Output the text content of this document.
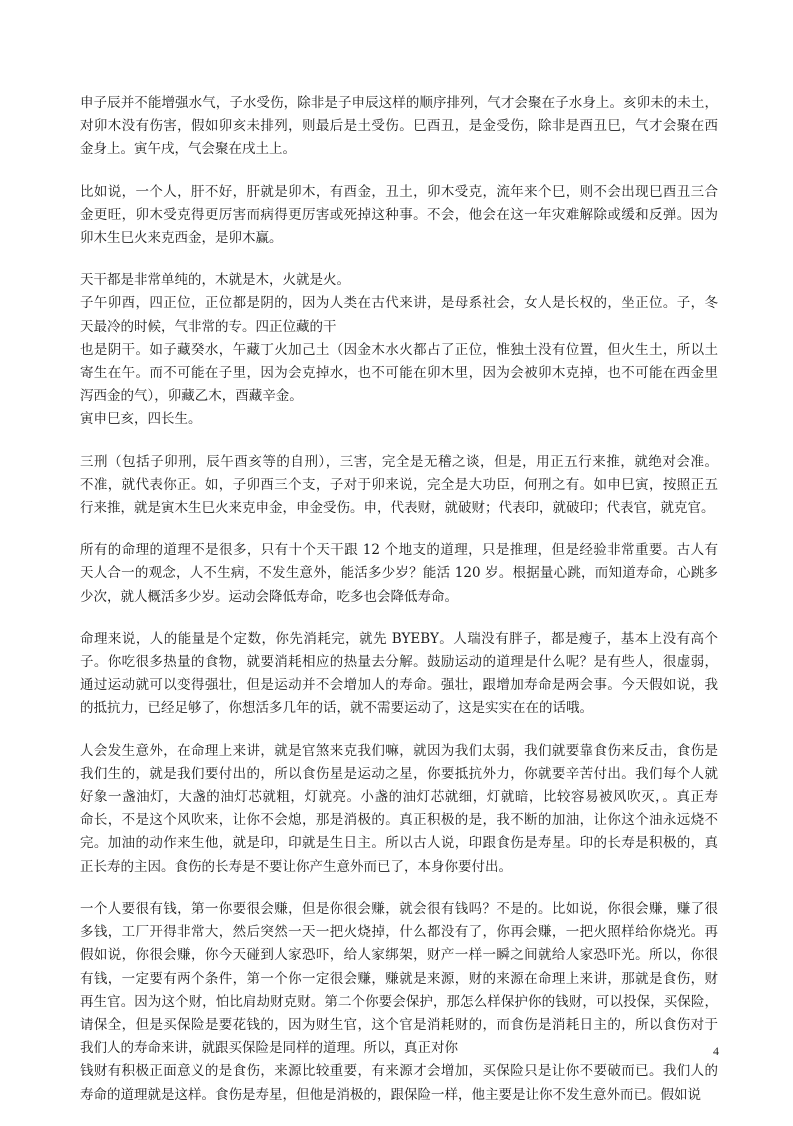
申子辰并不能增强水气，子水受伤，除非是子申辰这样的顺序排列，气才会聚在子水身上。亥卯未的未土，
对卯木没有伤害，假如卯亥未排列，则最后是土受伤。巳酉丑，是金受伤，除非是酉丑巳，气才会聚在西
金身上。寅午戌，气会聚在戌土上。
比如说，一个人，肝不好，肝就是卯木，有酉金，丑土，卯木受克，流年来个巳，则不会出现巳酉丑三合
金更旺，卯木受克得更厉害而病得更厉害或死掉这种事。不会，他会在这一年灾难解除或缓和反弹。因为
卯木生巳火来克西金，是卯木赢。
天干都是非常单纯的，木就是木，火就是火。
子午卯酉，四正位，正位都是阴的，因为人类在古代来讲，是母系社会，女人是长权的，坐正位。子，冬
天最冷的时候，气非常的专。四正位藏的干
也是阴干。如子藏癸水，午藏丁火加己土（因金木水火都占了正位，惟独土没有位置，但火生土，所以土
寄生在午。而不可能在子里，因为会克掉水，也不可能在卯木里，因为会被卯木克掉，也不可能在西金里
泻西金的气），卯藏乙木，酉藏辛金。
寅申巳亥，四长生。
三刑（包括子卯刑，辰午酉亥等的自刑），三害，完全是无稽之谈，但是，用正五行来推，就绝对会准。
不准，就代表你正。如，子卯酉三个支，子对于卯来说，完全是大功臣，何刑之有。如申巳寅，按照正五
行来推，就是寅木生巳火来克申金，申金受伤。申，代表财，就破财；代表印，就破印；代表官，就克官。
所有的命理的道理不是很多，只有十个天干跟 12 个地支的道理，只是推理，但是经验非常重要。古人有
天人合一的观念，人不生病，不发生意外，能活多少岁？能活 120 岁。根据量心跳，而知道寿命，心跳多
少次，就人概活多少岁。运动会降低寿命，吃多也会降低寿命。
命理来说，人的能量是个定数，你先消耗完，就先 BYEBY。人瑞没有胖子，都是瘦子，基本上没有高个
子。你吃很多热量的食物，就要消耗相应的热量去分解。鼓励运动的道理是什么呢？是有些人，很虚弱，
通过运动就可以变得强壮，但是运动并不会增加人的寿命。强壮，跟增加寿命是两会事。今天假如说，我
的抵抗力，已经足够了，你想活多几年的话，就不需要运动了，这是实实在在的话哦。
人会发生意外，在命理上来讲，就是官煞来克我们嘛，就因为我们太弱，我们就要靠食伤来反击，食伤是
我们生的，就是我们要付出的，所以食伤星是运动之星，你要抵抗外力，你就要辛苦付出。我们每个人就
好象一盏油灯，大盏的油灯芯就粗，灯就亮。小盏的油灯芯就细，灯就暗，比较容易被风吹灭，。真正寿
命长，不是这个风吹来，让你不会熄，那是消极的。真正积极的是，我不断的加油，让你这个油永远烧不
完。加油的动作来生他，就是印，印就是生日主。所以古人说，印跟食伤是寿星。印的长寿是积极的，真
正长寿的主因。食伤的长寿是不要让你产生意外而已了，本身你要付出。
一个人要很有钱，第一你要很会赚，但是你很会赚，就会很有钱吗？不是的。比如说，你很会赚，赚了很
多钱，工厂开得非常大，然后突然一天一把火烧掉，什么都没有了，你再会赚，一把火照样给你烧光。再
假如说，你很会赚，你今天碰到人家恐吓，给人家绑架，财产一样一瞬之间就给人家恐吓光。所以，你很
有钱，一定要有两个条件，第一个你一定很会赚，赚就是来源，财的来源在命理上来讲，那就是食伤，财
再生官。因为这个财，怕比肩劫财克财。第二个你要会保护，那怎么样保护你的钱财，可以投保，买保险，
请保全，但是买保险是要花钱的，因为财生官，这个官是消耗财的，而食伤是消耗日主的，所以食伤对于
我们人的寿命来讲，就跟买保险是同样的道理。所以，真正对你
钱财有积极正面意义的是食伤，来源比较重要，有来源才会增加，买保险只是让你不要破而已。我们人的
寿命的道理就是这样。食伤是寿星，但他是消极的，跟保险一样，他主要是让你不发生意外而已。假如说
4
